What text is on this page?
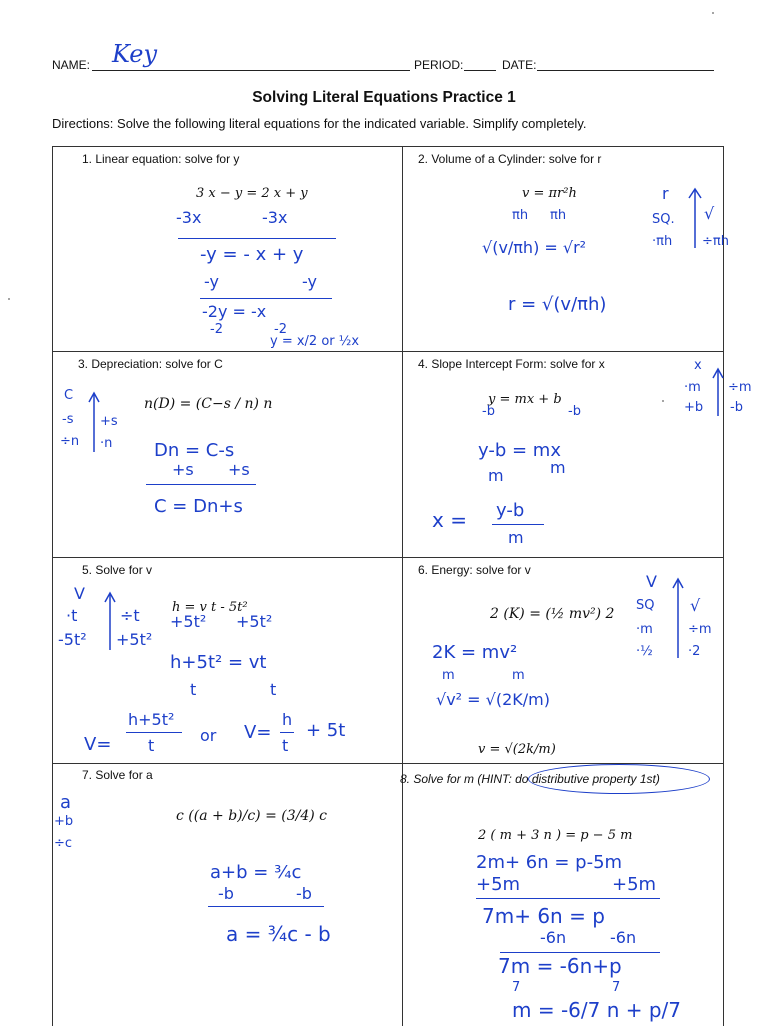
NAME: Key	PERIOD:	DATE:
Solving Literal Equations Practice 1
Directions: Solve the following literal equations for the indicated variable. Simplify completely.
1. Linear equation: solve for y
3 x − y = 2 x + y
-3x	-3x
-y = - x + y
-y	-y
-2y = -x
-2	-2
y = x/2 or ½x
2. Volume of a Cylinder: solve for r
v = πr²h
πh πh
√(v/πh) = √r²
r = √(v/πh)
r
SQ.
·πh
√
÷πh
3. Depreciation: solve for C
n(D) = (C−s / n) n
C
-s
÷n
+s
·n Dn = C-s
+s +s
C = Dn+s
4. Slope Intercept Form: solve for x
y = mx + b
-b	-b
y-b = mx
m	m
x = y-b
m
x
·m
+b
÷m
-b
5. Solve for v
h = v t - 5t²
V
·t
-5t²
÷t
+5t²
+5t² +5t²
h+5t² = vt
t	t
V=
h+5t²
t
or V=
h
t
+ 5t
6. Energy: solve for v
2 (K) = (½ mv²) 2
2K = mv²
m	m
√v² = √(2K/m)
v = √(2k/m)
V
SQ
·m
·½
√
÷m
·2
7. Solve for a
c ((a + b)/c) = (3/4) c
a
+b
÷c
a+b = ¾c
-b	-b
a = ¾c - b
8. Solve for m (HINT: do distributive property 1st)
2 ( m + 3 n ) = p − 5 m
2m+ 6n = p-5m
+5m	+5m
7m+ 6n = p
-6n	-6n
7m = -6n+p
7	7
m = -6/7 n + p/7
